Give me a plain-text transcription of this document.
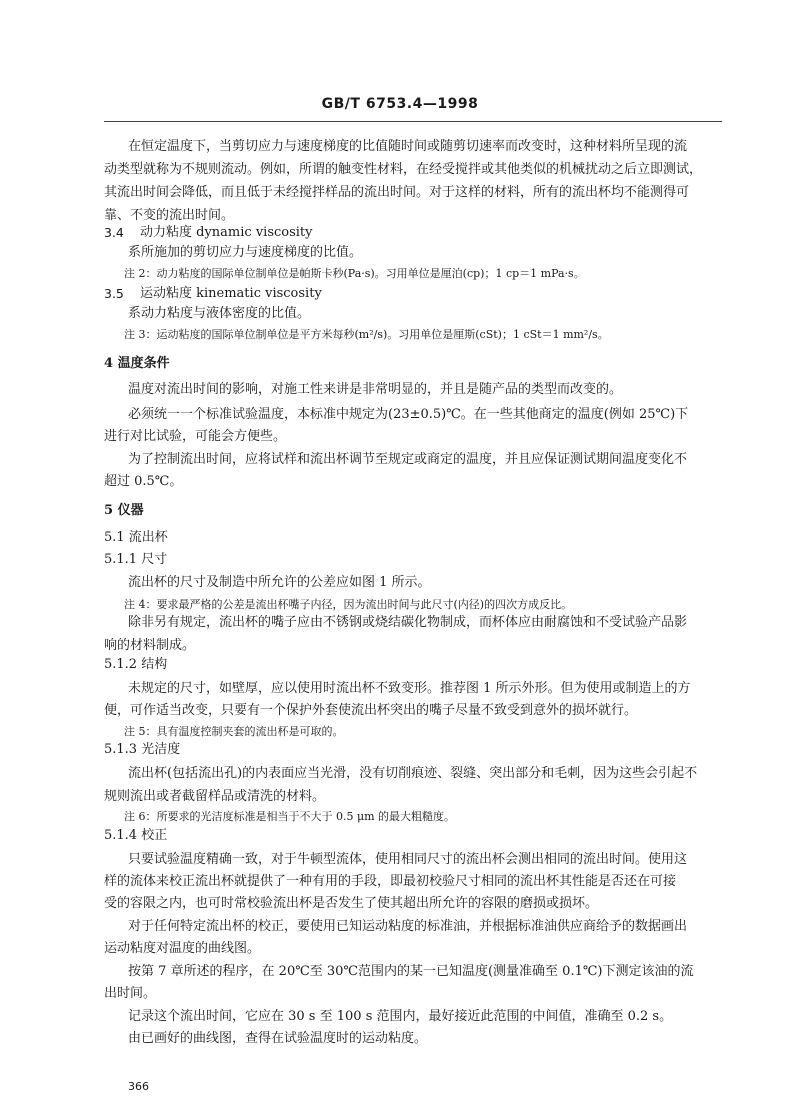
GB/T 6753.4—1998
在恒定温度下，当剪切应力与速度梯度的比值随时间或随剪切速率而改变时，这种材料所呈现的流
动类型就称为不规则流动。例如，所谓的触变性材料，在经受搅拌或其他类似的机械扰动之后立即测试，
其流出时间会降低，而且低于未经搅拌样品的流出时间。对于这样的材料，所有的流出杯均不能测得可
靠、不变的流出时间。
3.4 动力粘度 dynamic viscosity
系所施加的剪切应力与速度梯度的比值。
注 2：动力粘度的国际单位制单位是帕斯卡秒(Pa·s)。习用单位是厘泊(cp)；1 cp＝1 mPa·s。
3.5 运动粘度 kinematic viscosity
系动力粘度与液体密度的比值。
注 3：运动粘度的国际单位制单位是平方米每秒(m²/s)。习用单位是厘斯(cSt)；1 cSt＝1 mm²/s。
4 温度条件
温度对流出时间的影响，对施工性来讲是非常明显的，并且是随产品的类型而改变的。
必须统一一个标准试验温度，本标准中规定为(23±0.5)℃。在一些其他商定的温度(例如 25℃)下
进行对比试验，可能会方便些。
为了控制流出时间，应将试样和流出杯调节至规定或商定的温度，并且应保证测试期间温度变化不
超过 0.5℃。
5 仪器
5.1 流出杯
5.1.1 尺寸
流出杯的尺寸及制造中所允许的公差应如图 1 所示。
注 4：要求最严格的公差是流出杯嘴子内径，因为流出时间与此尺寸(内径)的四次方成反比。
除非另有规定，流出杯的嘴子应由不锈钢或烧结碳化物制成，而杯体应由耐腐蚀和不受试验产品影
响的材料制成。
5.1.2 结构
未规定的尺寸，如壁厚，应以使用时流出杯不致变形。推荐图 1 所示外形。但为使用或制造上的方
便，可作适当改变，只要有一个保护外套使流出杯突出的嘴子尽量不致受到意外的损坏就行。
注 5：具有温度控制夹套的流出杯是可取的。
5.1.3 光洁度
流出杯(包括流出孔)的内表面应当光滑，没有切削痕迹、裂缝、突出部分和毛刺，因为这些会引起不
规则流出或者截留样品或清洗的材料。
注 6：所要求的光洁度标准是相当于不大于 0.5 μm 的最大粗糙度。
5.1.4 校正
只要试验温度精确一致，对于牛顿型流体，使用相同尺寸的流出杯会测出相同的流出时间。使用这
样的流体来校正流出杯就提供了一种有用的手段，即最初校验尺寸相同的流出杯其性能是否还在可接
受的容限之内，也可时常校验流出杯是否发生了使其超出所允许的容限的磨损或损坏。
对于任何特定流出杯的校正，要使用已知运动粘度的标准油，并根据标准油供应商给予的数据画出
运动粘度对温度的曲线图。
按第 7 章所述的程序，在 20℃至 30℃范围内的某一已知温度(测量准确至 0.1℃)下测定该油的流
出时间。
记录这个流出时间，它应在 30 s 至 100 s 范围内，最好接近此范围的中间值，准确至 0.2 s。
由已画好的曲线图，查得在试验温度时的运动粘度。
366
